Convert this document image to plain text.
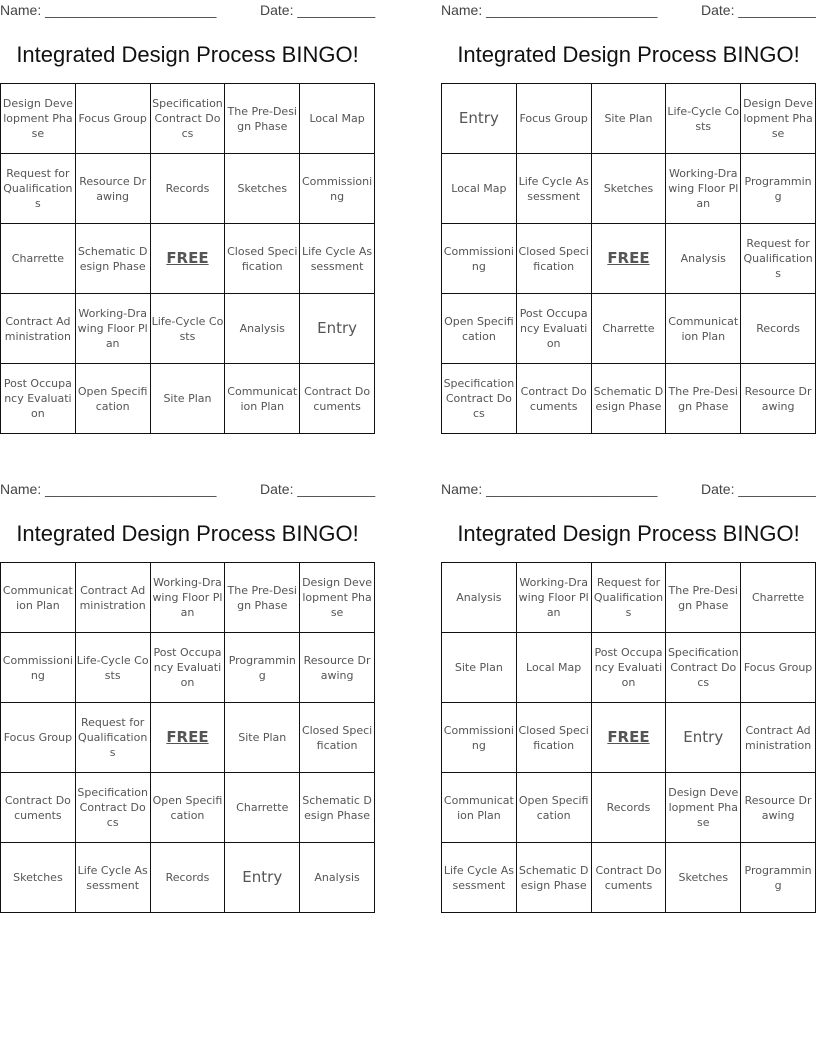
Name: ______________________	Date: __________
Integrated Design Process BINGO!
Design Development Phase	Focus Group	Specification Contract Docs	The Pre-Design Phase	Local Map
Request for Qualifications	Resource Drawing	Records	Sketches	Commissioning
Charrette	Schematic Design Phase	FREE	Closed Specification	Life Cycle Assessment
Contract Administration	Working-Drawing Floor Plan	Life-Cycle Costs	Analysis	Entry
Post Occupancy Evaluation	Open Specification	Site Plan	Communication Plan	Contract Documents
Name: ______________________	Date: __________
Integrated Design Process BINGO!
Entry	Focus Group	Site Plan	Life-Cycle Costs	Design Development Phase
Local Map	Life Cycle Assessment	Sketches	Working-Drawing Floor Plan	Programming
Commissioning	Closed Specification	FREE	Analysis	Request for Qualifications
Open Specification	Post Occupancy Evaluation	Charrette	Communication Plan	Records
Specification Contract Docs	Contract Documents	Schematic Design Phase	The Pre-Design Phase	Resource Drawing
Name: ______________________	Date: __________
Integrated Design Process BINGO!
Communication Plan	Contract Administration	Working-Drawing Floor Plan	The Pre-Design Phase	Design Development Phase
Commissioning	Life-Cycle Costs	Post Occupancy Evaluation	Programming	Resource Drawing
Focus Group	Request for Qualifications	FREE	Site Plan	Closed Specification
Contract Documents	Specification Contract Docs	Open Specification	Charrette	Schematic Design Phase
Sketches	Life Cycle Assessment	Records	Entry	Analysis
Name: ______________________	Date: __________
Integrated Design Process BINGO!
Analysis	Working-Drawing Floor Plan	Request for Qualifications	The Pre-Design Phase	Charrette
Site Plan	Local Map	Post Occupancy Evaluation	Specification Contract Docs	Focus Group
Commissioning	Closed Specification	FREE	Entry	Contract Administration
Communication Plan	Open Specification	Records	Design Development Phase	Resource Drawing
Life Cycle Assessment	Schematic Design Phase	Contract Documents	Sketches	Programming
